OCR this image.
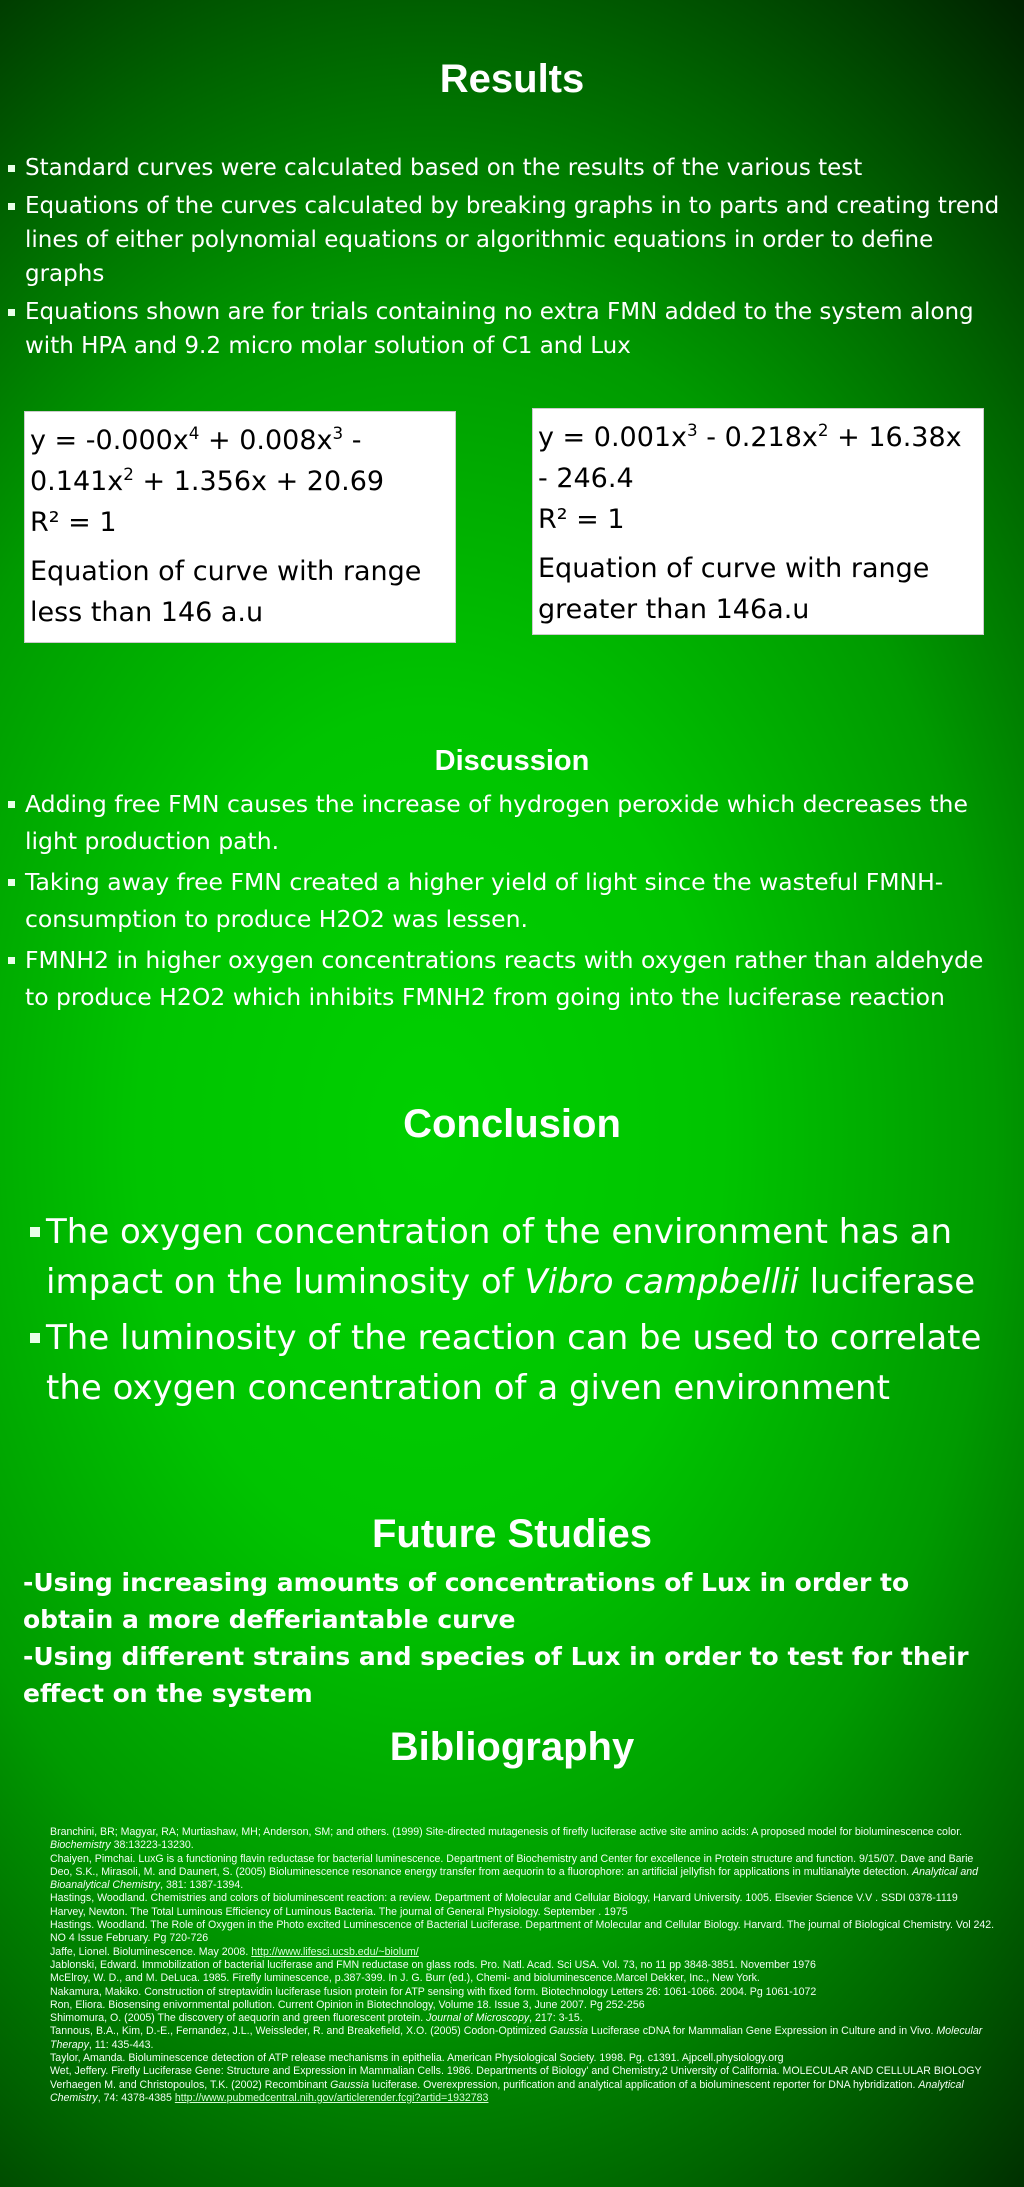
Results
Standard curves were calculated based on the results of the various test
Equations of the curves calculated by breaking graphs in to parts and creating trend lines of either polynomial equations or algorithmic equations in order to define graphs
Equations shown are for trials containing no extra FMN added to the system along with HPA and 9.2 micro molar solution of C1 and Lux

$y = -0.000x^4 + 0.008x^3 - 0.141x^2 + 1.356x + 20.69$

R² = 1

Equation of curve with range less than 146 a.u

$y = 0.001x^3 - 0.218x^2 + 16.38x - 246.4$

R² = 1

Equation of curve with range greater than 146a.u

Discussion
Adding free FMN causes the increase of hydrogen peroxide which decreases the light production path.
Taking away free FMN created a higher yield of light since the wasteful FMNH- consumption to produce H2O2 was lessen.
FMNH2 in higher oxygen concentrations reacts with oxygen rather than aldehyde to produce H2O2 which inhibits FMNH2 from going into the luciferase reaction
Conclusion
The oxygen concentration of the environment has an impact on the luminosity of Vibro campbellii luciferase
The luminosity of the reaction can be used to correlate the oxygen concentration of a given environment
Future Studies

-Using increasing amounts of concentrations of Lux in order to obtain a more defferiantable curve

-Using different strains and species of Lux in order to test for their effect on the system

Bibliography
Branchini, BR; Magyar, RA; Murtiashaw, MH; Anderson, SM; and others. (1999) Site-directed mutagenesis of firefly luciferase active site amino acids: A proposed model for bioluminescence color. Biochemistry 38:13223-13230.
Chaiyen, Pimchai. LuxG is a functioning flavin reductase for bacterial luminescence. Department of Biochemistry and Center for excellence in Protein structure and function. 9/15/07. Dave and Barie
Deo, S.K., Mirasoli, M. and Daunert, S. (2005) Bioluminescence resonance energy transfer from aequorin to a fluorophore: an artificial jellyfish for applications in multianalyte detection. Analytical and Bioanalytical Chemistry, 381: 1387-1394.
Hastings, Woodland. Chemistries and colors of bioluminescent reaction: a review. Department of Molecular and Cellular Biology, Harvard University. 1005. Elsevier Science V.V . SSDI 0378-1119
Harvey, Newton. The Total Luminous Efficiency of Luminous Bacteria. The journal of General Physiology. September . 1975
Hastings. Woodland. The Role of Oxygen in the Photo excited Luminescence of Bacterial Luciferase. Department of Molecular and Cellular Biology. Harvard. The journal of Biological Chemistry. Vol 242. NO 4 Issue February. Pg 720-726
Jaffe, Lionel. Bioluminescence. May 2008. http://www.lifesci.ucsb.edu/~biolum/
Jablonski, Edward. Immobilization of bacterial luciferase and FMN reductase on glass rods. Pro. Natl. Acad. Sci USA. Vol. 73, no 11 pp 3848-3851. November 1976
McElroy, W. D., and M. DeLuca. 1985. Firefly luminescence, p.387-399. In J. G. Burr (ed.), Chemi- and bioluminescence.Marcel Dekker, Inc., New York.
Nakamura, Makiko. Construction of streptavidin luciferase fusion protein for ATP sensing with fixed form. Biotechnology Letters 26: 1061-1066. 2004. Pg 1061-1072
Ron, Eliora. Biosensing enivornmental pollution. Current Opinion in Biotechnology, Volume 18. Issue 3, June 2007. Pg 252-256
Shimomura, O. (2005) The discovery of aequorin and green fluorescent protein. Journal of Microscopy, 217: 3-15.
Tannous, B.A., Kim, D.-E., Fernandez, J.L., Weissleder, R. and Breakefield, X.O. (2005) Codon-Optimized Gaussia Luciferase cDNA for Mammalian Gene Expression in Culture and in Vivo. Molecular Therapy, 11: 435-443.
Taylor, Amanda. Bioluminescence detection of ATP release mechanisms in epithelia. American Physiological Society. 1998. Pg. c1391. Ajpcell.physiology.org
Wet, Jeffery. Firefly Luciferase Gene: Structure and Expression in Mammalian Cells. 1986. Departments of Biology' and Chemistry,2 University of California. MOLECULAR AND CELLULAR BIOLOGY
Verhaegen M. and Christopoulos, T.K. (2002) Recombinant Gaussia luciferase. Overexpression, purification and analytical application of a bioluminescent reporter for DNA hybridization. Analytical Chemistry, 74: 4378-4385 http://www.pubmedcentral.nih.gov/articlerender.fcgi?artid=1932783
